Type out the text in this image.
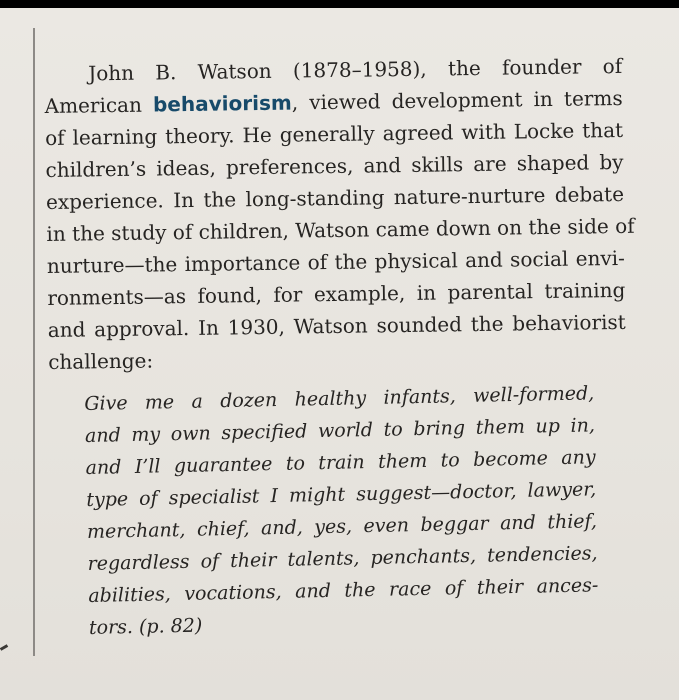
John B. Watson (1878–1958), the founder of
American behaviorism, viewed development in terms
of learning theory. He generally agreed with Locke that
children’s ideas, preferences, and skills are shaped by
experience. In the long-standing nature-nurture debate
in the study of children, Watson came down on the side of
nurture—the importance of the physical and social envi-
ronments—as found, for example, in parental training
and approval. In 1930, Watson sounded the behaviorist
challenge:
Give me a dozen healthy infants, well-formed,
and my own specified world to bring them up in,
and I’ll guarantee to train them to become any
type of specialist I might suggest—doctor, lawyer,
merchant, chief, and, yes, even beggar and thief,
regardless of their talents, penchants, tendencies,
abilities, vocations, and the race of their ances-
tors. (p. 82)
